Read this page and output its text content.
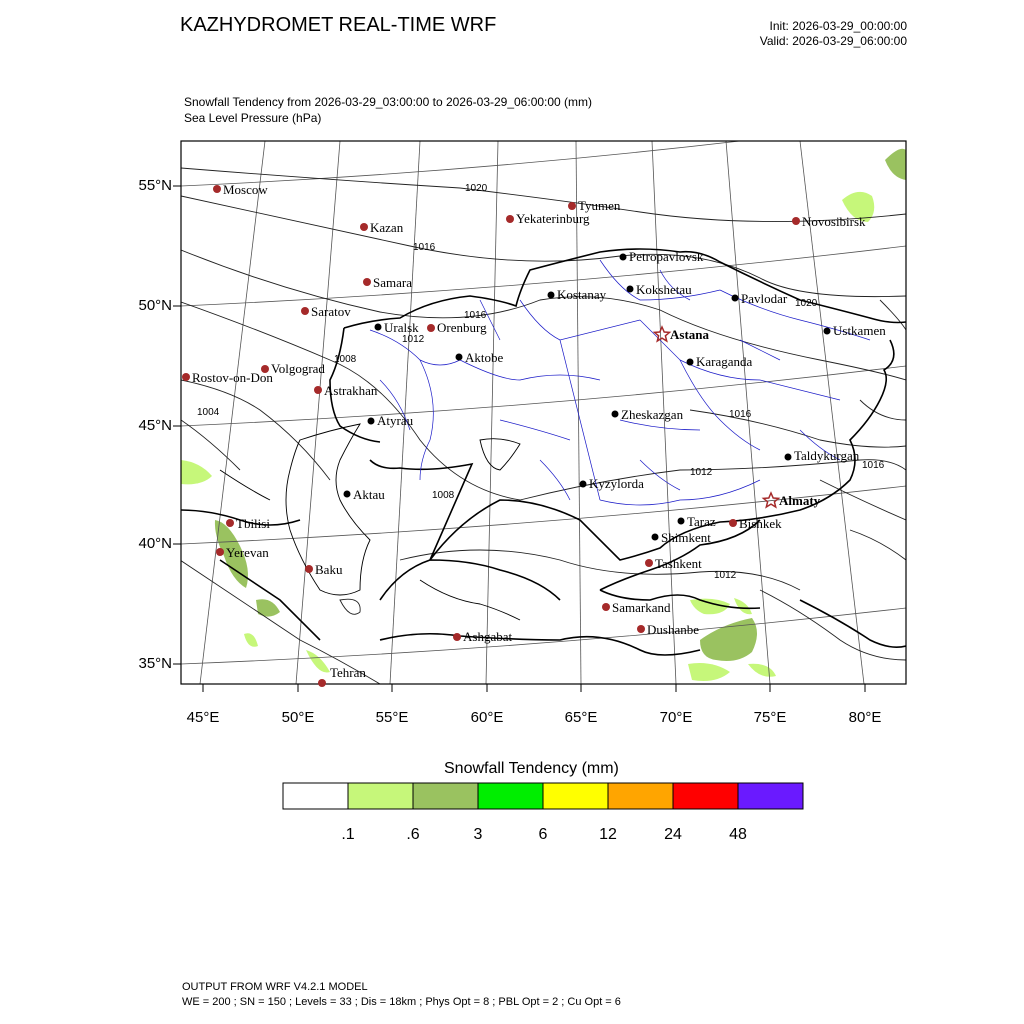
KAZHYDROMET REAL-TIME WRF	Init: 2026-03-29_00:00:00
Valid: 2026-03-29_06:00:00
Snowfall Tendency from 2026-03-29_03:00:00 to 2026-03-29_06:00:00 (mm)
Sea Level Pressure (hPa)
1020
1016
1016
1012
1008
1004	1016
1012
1016
1008
1012
1020
Moscow
Kazan
Tyumen
Yekaterinburg	Novosibirsk
Samara
Saratov
Orenburg
Volgograd
Rostov-on-Don
Astrakhan
Tbilisi
Yerevan
Baku
Tehran
Ashgabat
Samarkand
Dushanbe
Tashkent
Bishkek
Petropavlovsk
Kostanay Kokshetau
Pavlodar
Ustkamen
Uralsk
Aktobe	Karaganda
Atyrau	Zheskazgan
Taldykurgan
Kyzylorda
Aktau
Taraz
Shimkent
Astana
Almaty
55°N
50°N
45°N
40°N
35°N
45°E	50°E	55°E	60°E	65°E	70°E	75°E	80°E
Snowfall Tendency (mm)
.1	.6	3	6	12	24	48
OUTPUT FROM WRF V4.2.1 MODEL
WE = 200 ; SN = 150 ; Levels = 33 ; Dis = 18km ; Phys Opt = 8 ; PBL Opt = 2 ; Cu Opt = 6
